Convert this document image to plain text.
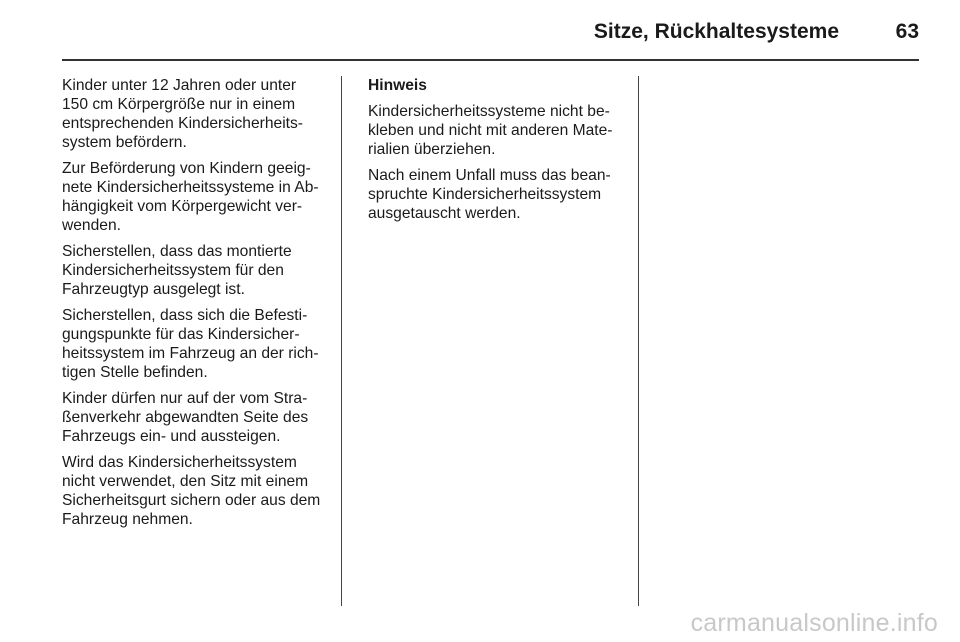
Sitze, Rückhaltesysteme	63

Kinder unter 12 Jahren oder unter
150 cm Körpergröße nur in einem
entsprechenden Kindersicherheits-
system befördern.

Zur Beförderung von Kindern geeig-
nete Kindersicherheitssysteme in Ab-
hängigkeit vom Körpergewicht ver-
wenden.

Sicherstellen, dass das montierte
Kindersicherheitssystem für den
Fahrzeugtyp ausgelegt ist.

Sicherstellen, dass sich die Befesti-
gungspunkte für das Kindersicher-
heitssystem im Fahrzeug an der rich-
tigen Stelle befinden.

Kinder dürfen nur auf der vom Stra-
ßenverkehr abgewandten Seite des
Fahrzeugs ein- und aussteigen.

Wird das Kindersicherheitssystem
nicht verwendet, den Sitz mit einem
Sicherheitsgurt sichern oder aus dem
Fahrzeug nehmen.

Hinweis

Kindersicherheitssysteme nicht be-
kleben und nicht mit anderen Mate-
rialien überziehen.

Nach einem Unfall muss das bean-
spruchte Kindersicherheitssystem
ausgetauscht werden.

carmanualsonline.info
